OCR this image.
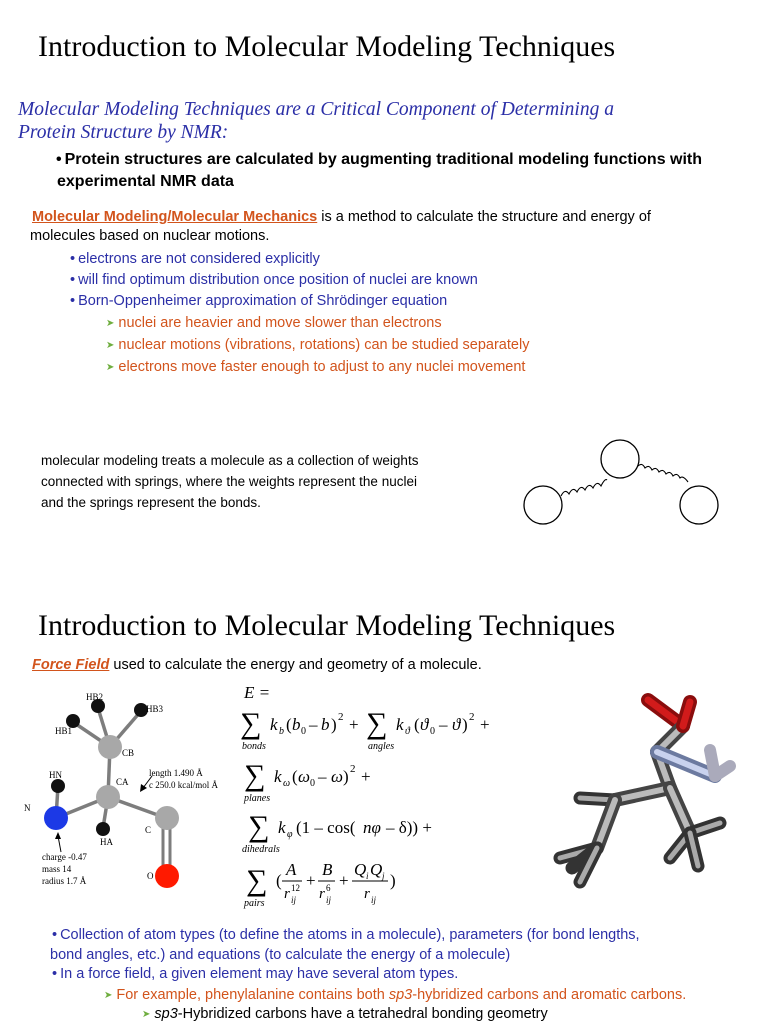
Introduction to Molecular Modeling Techniques
Molecular Modeling Techniques are a Critical Component of Determining a
Protein Structure by NMR:
• Protein structures are calculated by augmenting traditional modeling functions with
experimental NMR data
Molecular Modeling/Molecular Mechanics is a method to calculate the structure and energy of
molecules based on nuclear motions.
• electrons are not considered explicitly
• will find optimum distribution once position of nuclei are known
• Born-Oppenheimer approximation of Shrödinger equation
➤ nuclei are heavier and move slower than electrons
➤ nuclear motions (vibrations, rotations) can be studied separately
➤ electrons move faster enough to adjust to any nuclei movement
molecular modeling treats a molecule as a collection of weights
connected with springs, where the weights represent the nuclei
and the springs represent the bonds.
Introduction to Molecular Modeling Techniques
Force Field used to calculate the energy and geometry of a molecule.
HB2
HB3
HB1
CB
HN
CA
N
C
HA
O
length 1.490 Å
c 250.0 kcal/mol Å
charge -0.47
mass 14
radius 1.7 Å
E =
∑ k b ( b 0 – b ) 2 + ∑ k ϑ ( ϑ 0 – ϑ ) 2 +
bonds	angles
∑ k ω ( ω 0 – ω ) 2 +
planes
∑ k φ (1 – cos( nφ – δ)) +
dihedrals
∑ (
A
r 12
ij
+
B
r 6
ij
+
Q i Q j
r ij
)
pairs
• Collection of atom types (to define the atoms in a molecule), parameters (for bond lengths,
bond angles, etc.) and equations (to calculate the energy of a molecule)
• In a force field, a given element may have several atom types.
➤ For example, phenylalanine contains both sp3-hybridized carbons and aromatic carbons.
➤ sp3-Hybridized carbons have a tetrahedral bonding geometry
